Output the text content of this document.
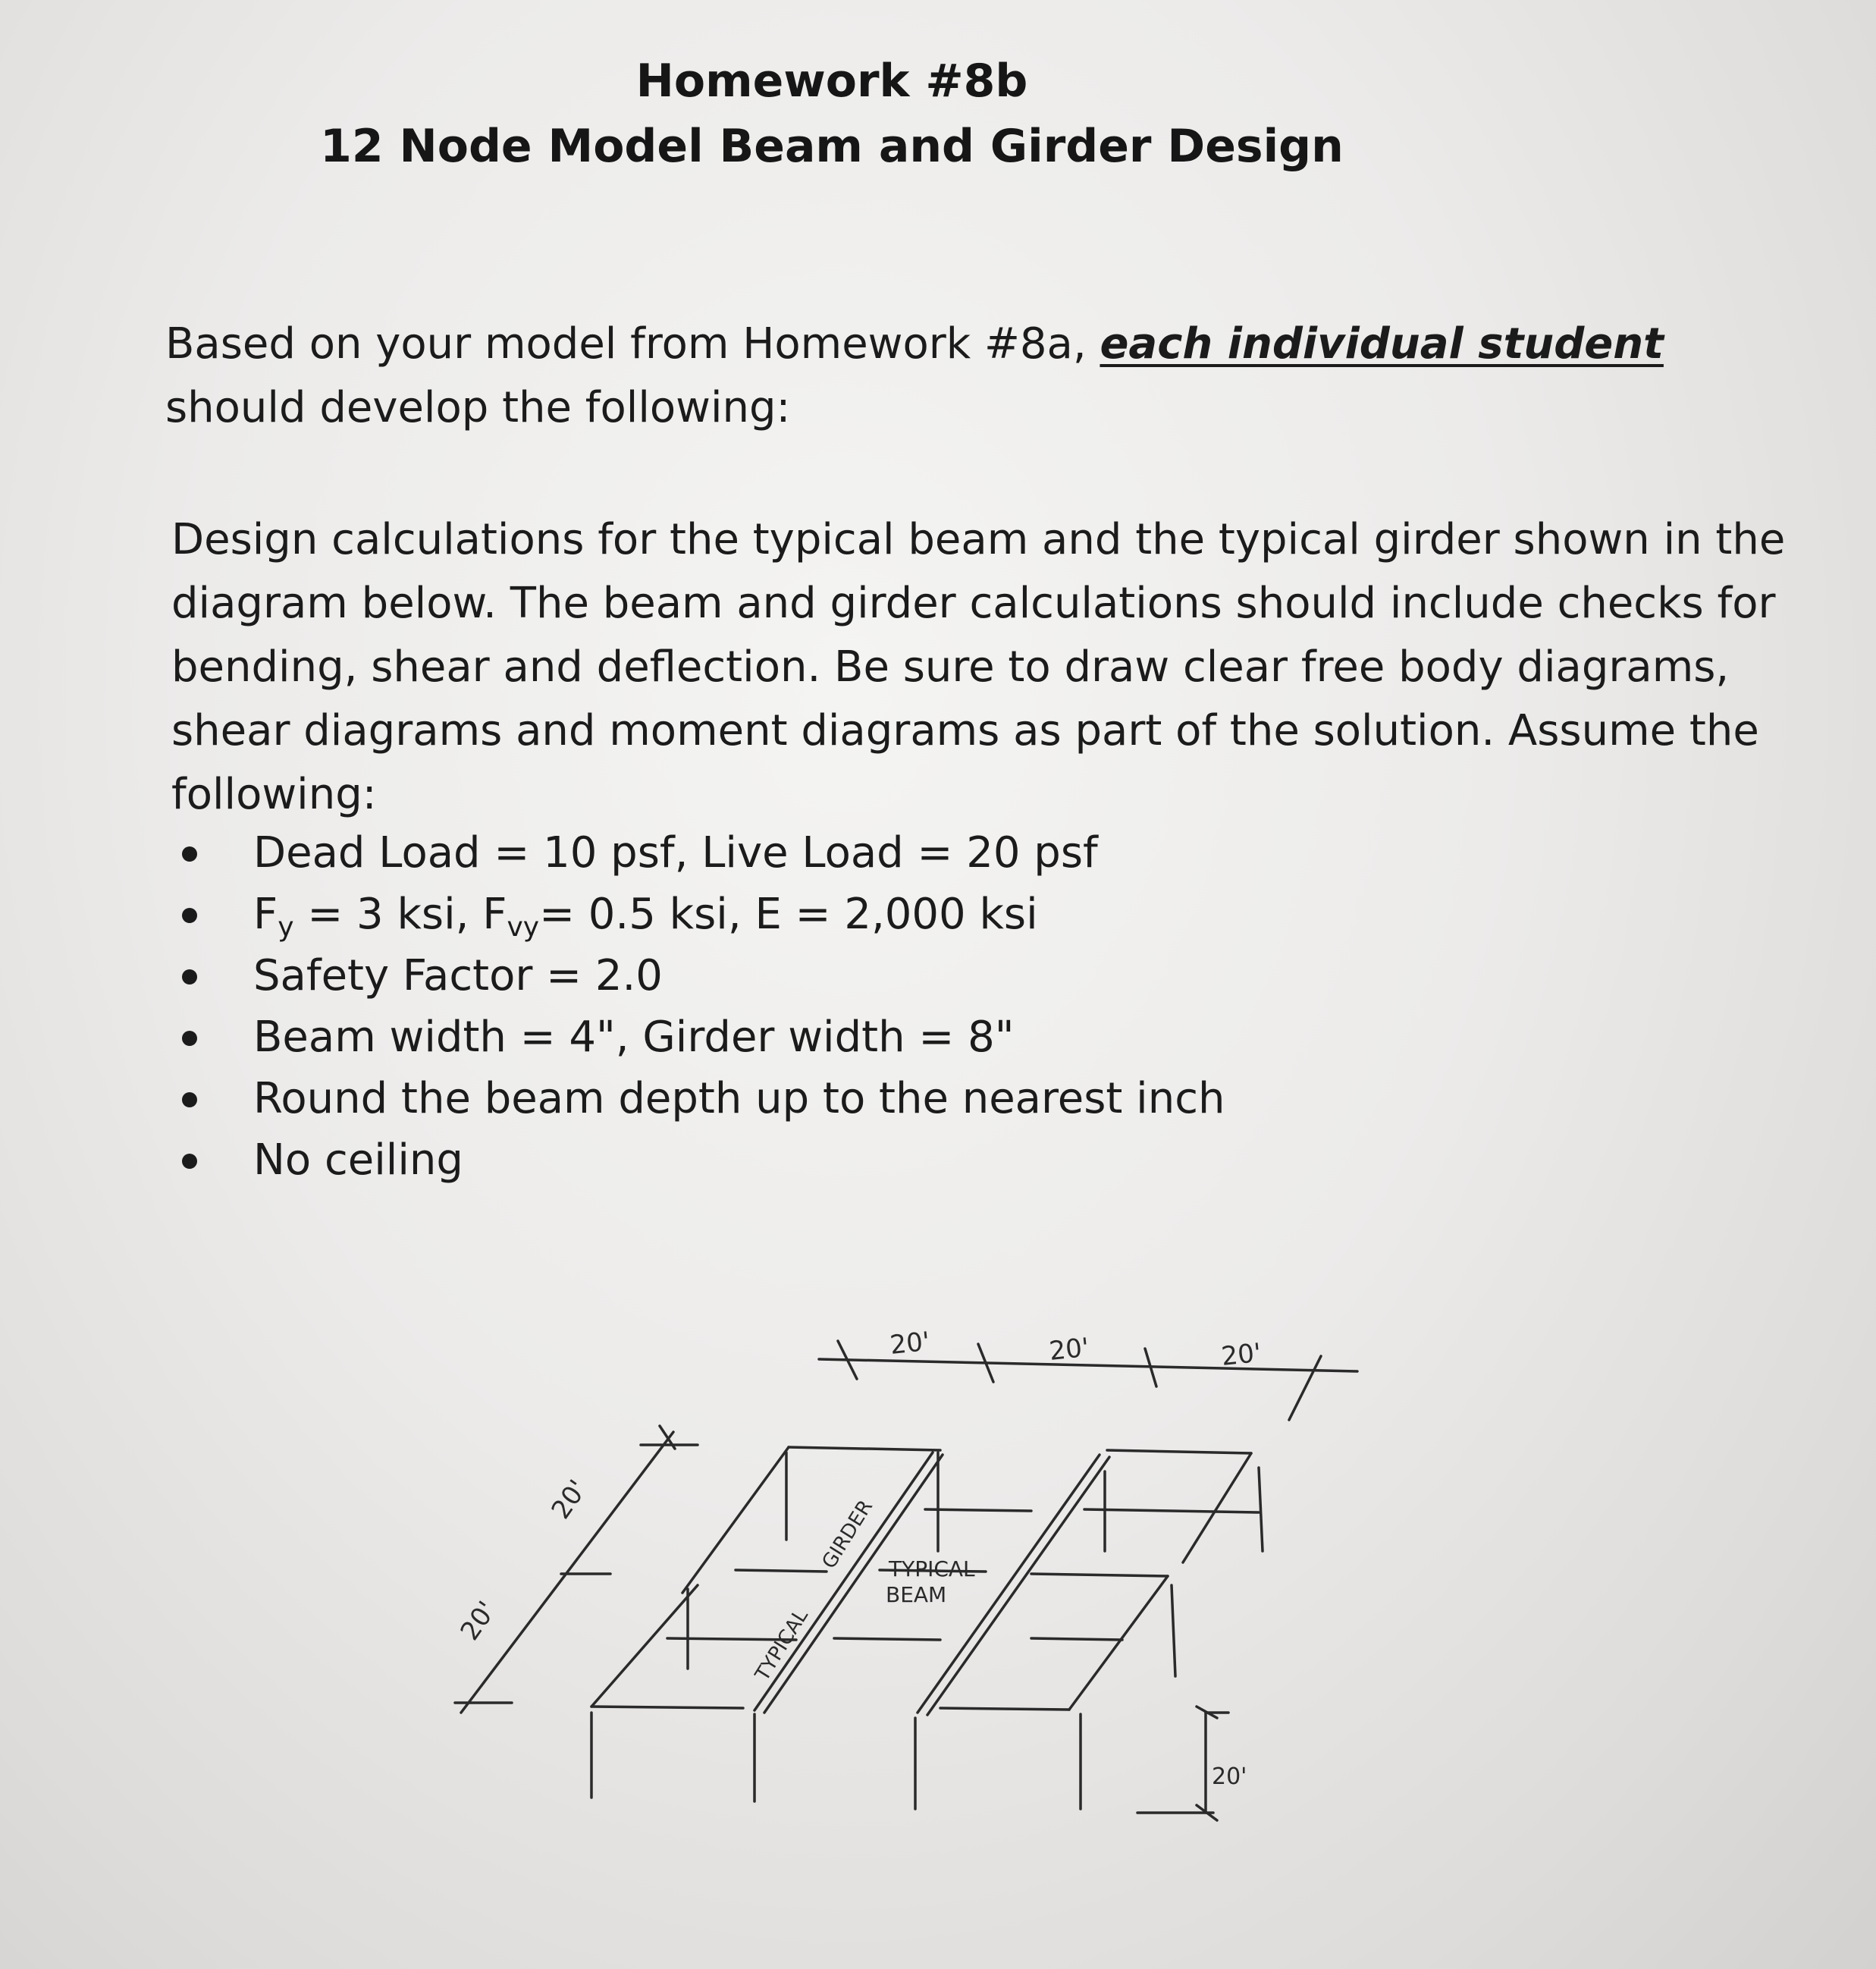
Homework #8b
12 Node Model Beam and Girder Design
Based on your model from Homework #8a, each individual student should develop the following:
Design calculations for the typical beam and the typical girder shown in the diagram below. The beam and girder calculations should include checks for bending, shear and deflection. Be sure to draw clear free body diagrams, shear diagrams and moment diagrams as part of the solution. Assume the following:
Dead Load = 10 psf, Live Load = 20 psf
$F_y = 3$ ksi, $F_{vy}= 0.5$ ksi, E = 2,000 ksi
Safety Factor = 2.0
Beam width = 4", Girder width = 8"
Round the beam depth up to the nearest inch
No ceiling
20'	20'	20'
20'
20'	TYPICAL
GIRDER TYPICAL
BEAM
20'
